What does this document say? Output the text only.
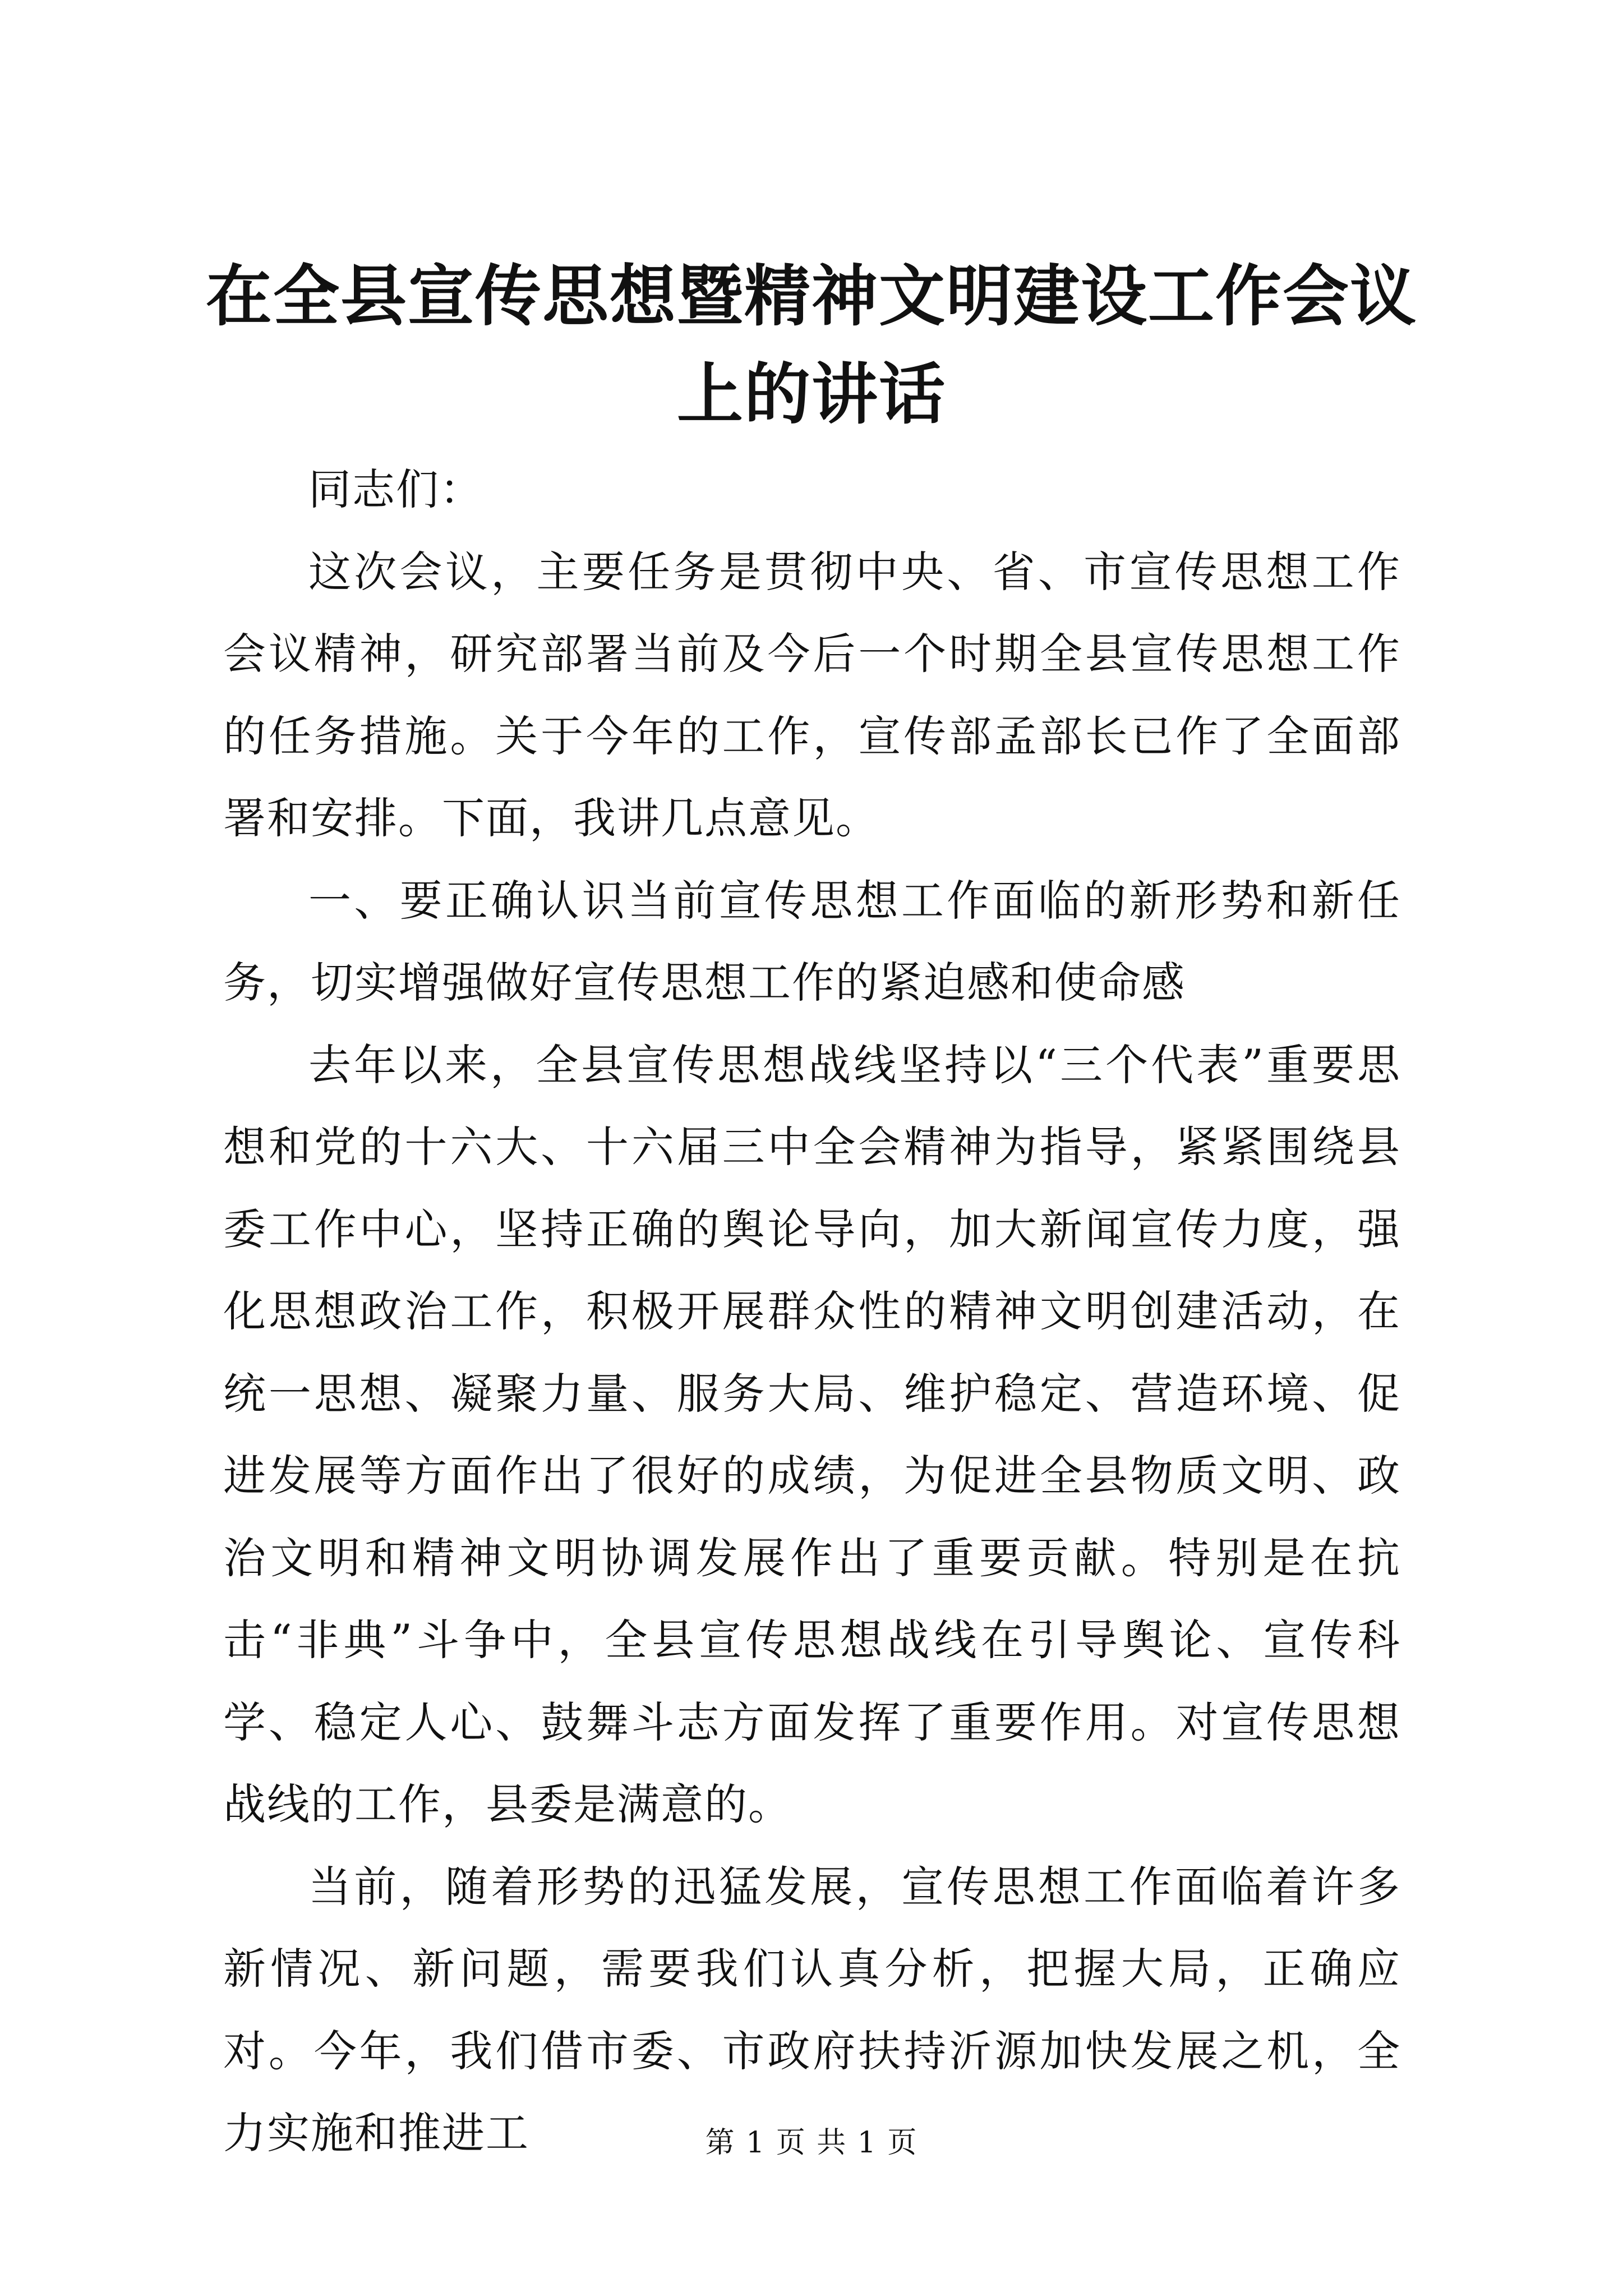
在全县宣传思想暨精神文明建设工作会议上的讲话

同志们：

这次会议，主要任务是贯彻中央、省、市宣传思想工作会议精神，研究部署当前及今后一个时期全县宣传思想工作的任务措施。关于今年的工作，宣传部孟部长已作了全面部署和安排。下面，我讲几点意见。

一、要正确认识当前宣传思想工作面临的新形势和新任务，切实增强做好宣传思想工作的紧迫感和使命感

去年以来，全县宣传思想战线坚持以“三个代表”重要思想和党的十六大、十六届三中全会精神为指导，紧紧围绕县委工作中心，坚持正确的舆论导向，加大新闻宣传力度，强化思想政治工作，积极开展群众性的精神文明创建活动，在统一思想、凝聚力量、服务大局、维护稳定、营造环境、促进发展等方面作出了很好的成绩，为促进全县物质文明、政治文明和精神文明协调发展作出了重要贡献。特别是在抗击“非典”斗争中，全县宣传思想战线在引导舆论、宣传科学、稳定人心、鼓舞斗志方面发挥了重要作用。对宣传思想战线的工作，县委是满意的。

当前，随着形势的迅猛发展，宣传思想工作面临着许多新情况、新问题，需要我们认真分析，把握大局，正确应对。今年，我们借市委、市政府扶持沂源加快发展之机，全力实施和推进工	第 1 页 共 1 页
